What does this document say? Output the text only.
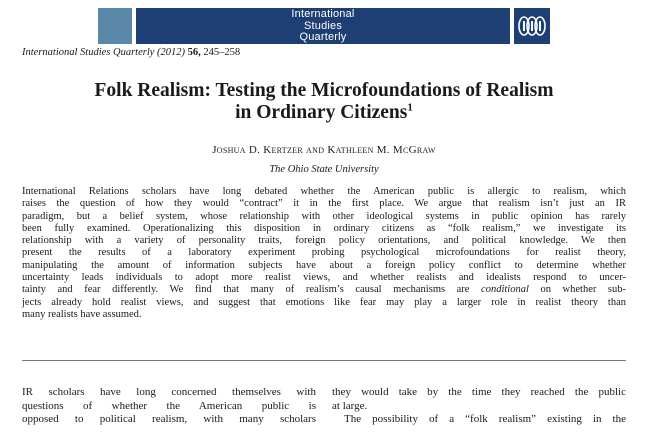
International
Studies
Quarterly
International Studies Quarterly (2012) 56, 245–258
Folk Realism: Testing the Microfoundations of Realism
in Ordinary Citizens$^1$
Joshua D. Kertzer and Kathleen M. McGraw
The Ohio State University
International Relations scholars have long debated whether the American public is allergic to realism, which
raises the question of how they would “contract” it in the first place. We argue that realism isn’t just an IR
paradigm, but a belief system, whose relationship with other ideological systems in public opinion has rarely
been fully examined. Operationalizing this disposition in ordinary citizens as “folk realism,” we investigate its
relationship with a variety of personality traits, foreign policy orientations, and political knowledge. We then
present the results of a laboratory experiment probing psychological microfoundations for realist theory,
manipulating the amount of information subjects have about a foreign policy conflict to determine whether
uncertainty leads individuals to adopt more realist views, and whether realists and idealists respond to uncer-
tainty and fear differently. We find that many of realism’s causal mechanisms are conditional on whether sub-
jects already hold realist views, and suggest that emotions like fear may play a larger role in realist theory than
many realists have assumed.
IR scholars have long concerned themselves with
questions of whether the American public is
opposed to political realism, with many scholars
they would take by the time they reached the public
at large.
The possibility of a “folk realism” existing in the
